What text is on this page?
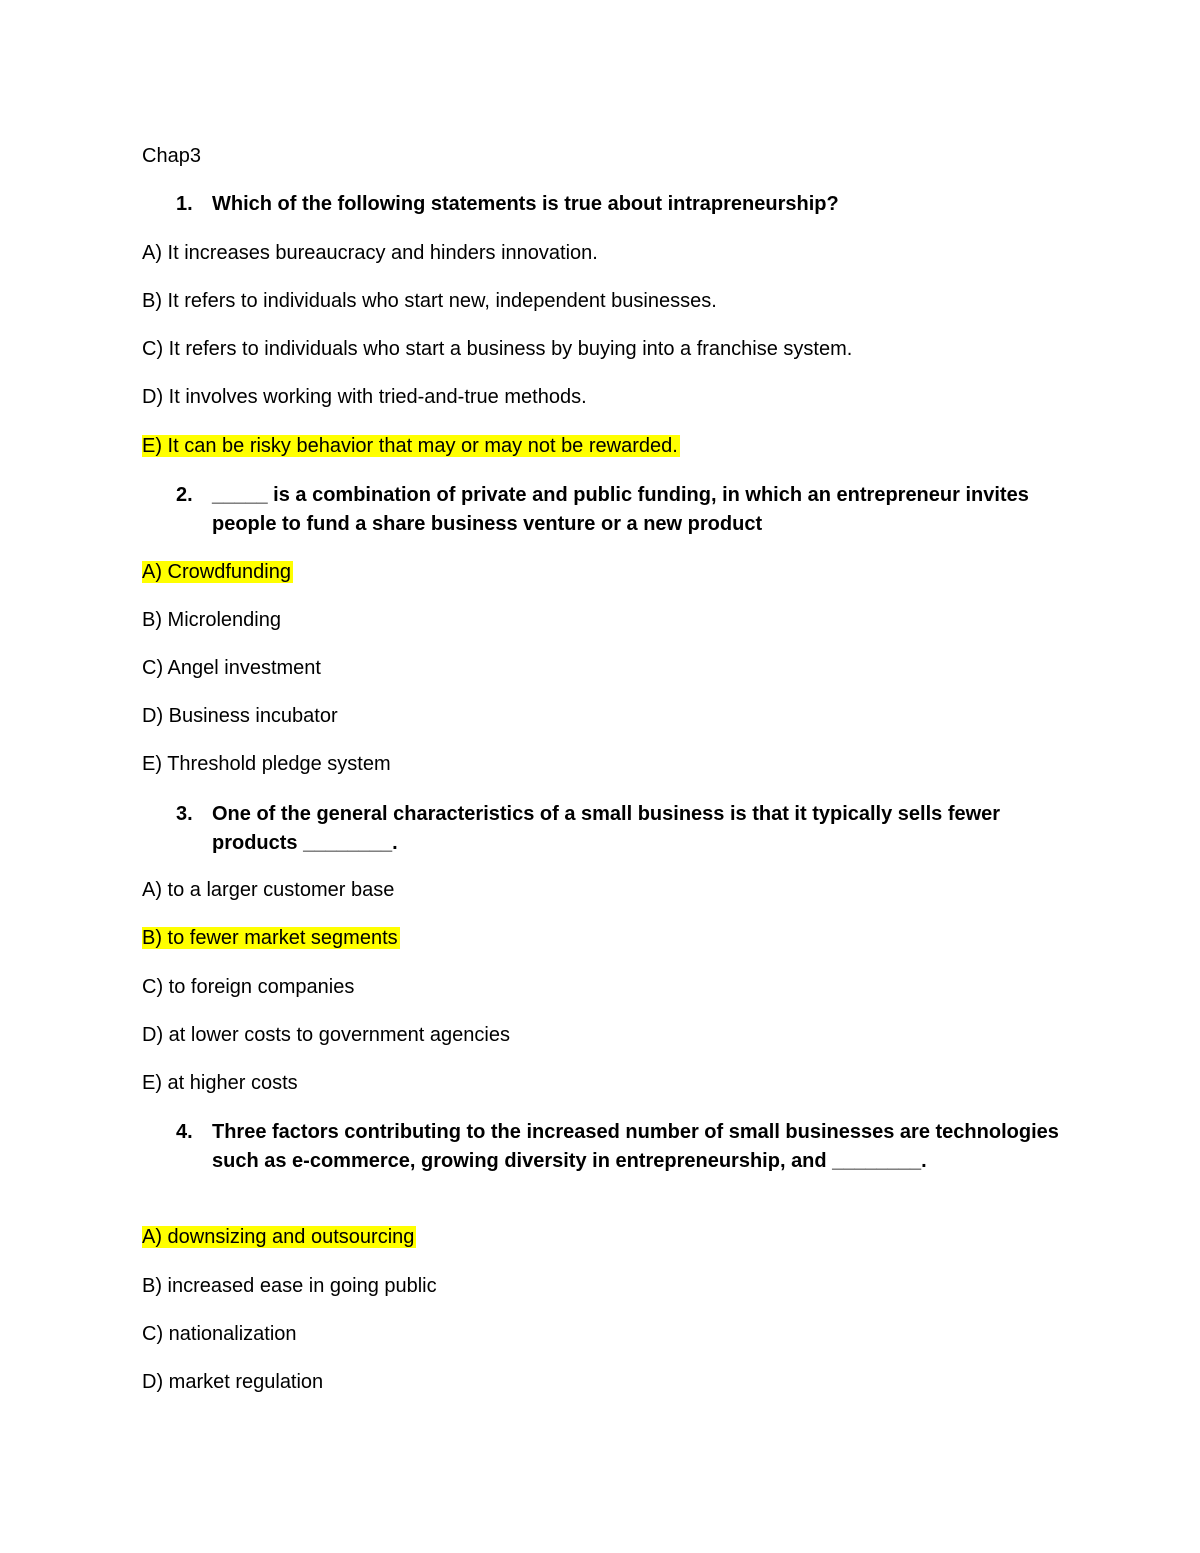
Chap3
1. Which of the following statements is true about intrapreneurship?
A) It increases bureaucracy and hinders innovation.
B) It refers to individuals who start new, independent businesses.
C) It refers to individuals who start a business by buying into a franchise system.
D) It involves working with tried-and-true methods.
E) It can be risky behavior that may or may not be rewarded.
2. _____ is a combination of private and public funding, in which an entrepreneur invites people to fund a share business venture or a new product
A) Crowdfunding
B) Microlending
C) Angel investment
D) Business incubator
E) Threshold pledge system
3. One of the general characteristics of a small business is that it typically sells fewer products ________.
A) to a larger customer base
B) to fewer market segments
C) to foreign companies
D) at lower costs to government agencies
E) at higher costs
4. Three factors contributing to the increased number of small businesses are technologies such as e-commerce, growing diversity in entrepreneurship, and ________.
A) downsizing and outsourcing
B) increased ease in going public
C) nationalization
D) market regulation
